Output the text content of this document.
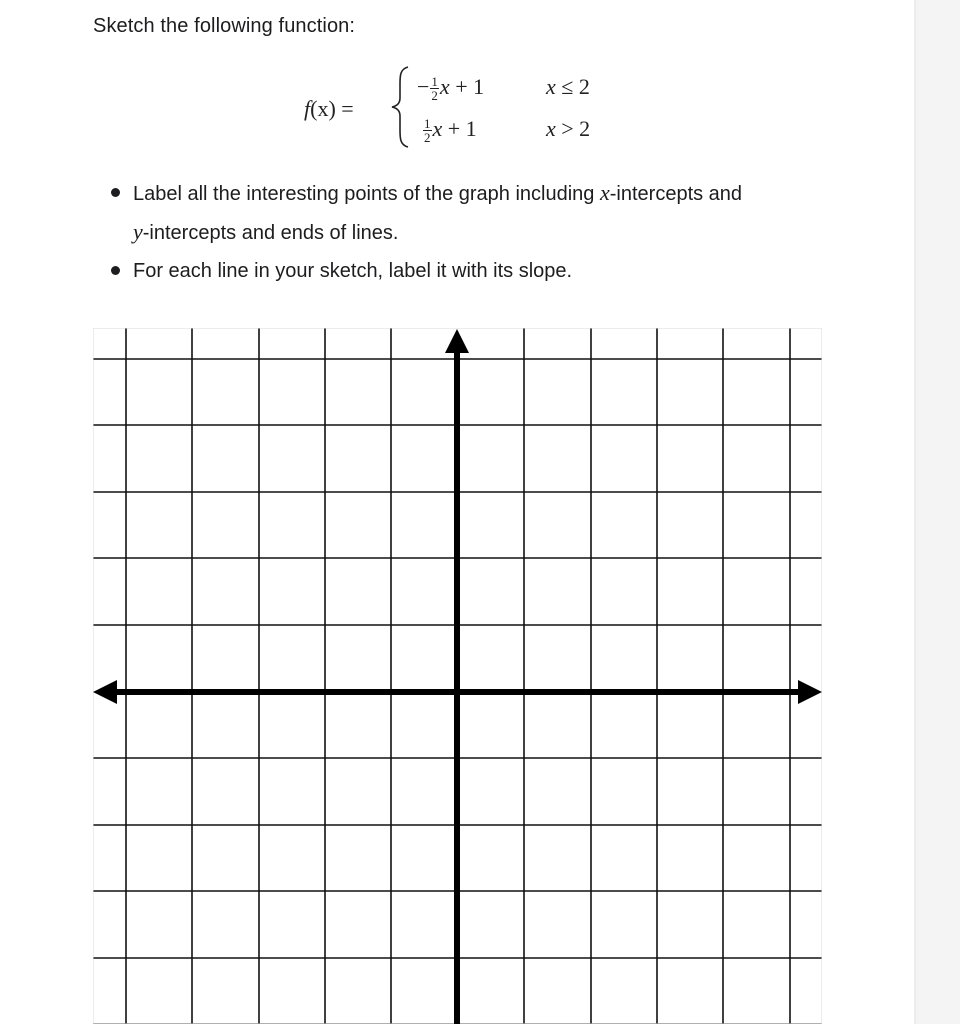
Sketch the following function:
f(x) =
− $\frac{1}{2}$ x + 1
$\frac{1}{2}$ x + 1
x ≤ 2
x > 2
Label all the interesting points of the graph including x-intercepts and
y-intercepts and ends of lines.
For each line in your sketch, label it with its slope.
